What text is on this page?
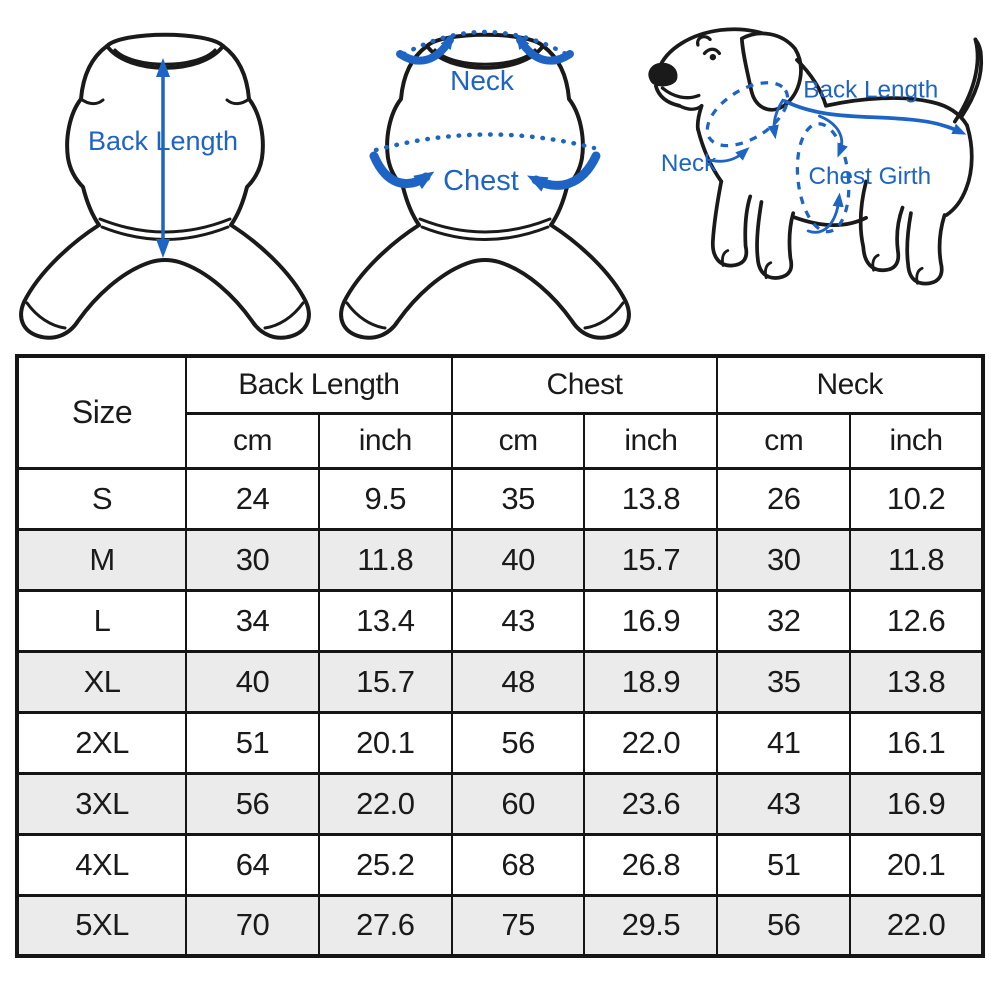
Back Length
Neck
Chest
Back Length
Neck	Chest Girth
Size	Back Length		Chest		Neck	
	cm	inch	cm	inch	cm	inch
S	24	9.5	35	13.8	26	10.2
M	30	11.8	40	15.7	30	11.8
L	34	13.4	43	16.9	32	12.6
XL	40	15.7	48	18.9	35	13.8
2XL	51	20.1	56	22.0	41	16.1
3XL	56	22.0	60	23.6	43	16.9
4XL	64	25.2	68	26.8	51	20.1
5XL	70	27.6	75	29.5	56	22.0
